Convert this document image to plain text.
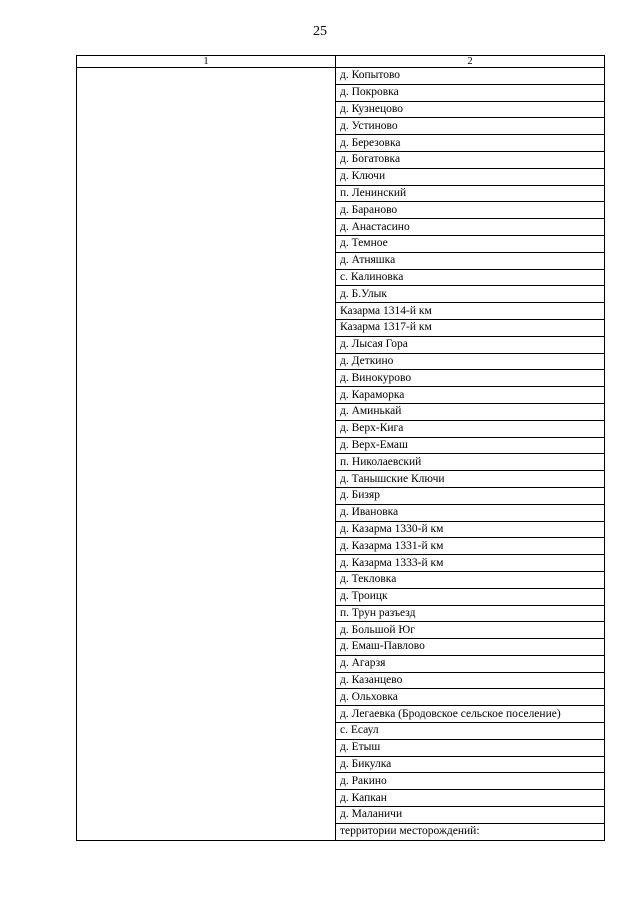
25
1	2
	д. Копытово
	д. Покровка
	д. Кузнецово
	д. Устиново
	д. Березовка
	д. Богатовка
	д. Ключи
	п. Ленинский
	д. Бараново
	д. Анастасино
	д. Темное
	д. Атняшка
	с. Калиновка
	д. Б.Улык
	Казарма 1314-й км
	Казарма 1317-й км
	д. Лысая Гора
	д. Деткино
	д. Винокурово
	д. Караморка
	д. Аминькай
	д. Верх-Кига
	д. Верх-Емаш
	п. Николаевский
	д. Танышские Ключи
	д. Бизяр
	д. Ивановка
	д. Казарма 1330-й км
	д. Казарма 1331-й км
	д. Казарма 1333-й км
	д. Текловка
	д. Троицк
	п. Трун разъезд
	д. Большой Юг
	д. Емаш-Павлово
	д. Агарзя
	д. Казанцево
	д. Ольховка
	д. Легаевка (Бродовское сельское поселение)
	с. Есаул
	д. Етыш
	д. Бикулка
	д. Ракино
	д. Капкан
	д. Маланичи
	территории месторождений:
